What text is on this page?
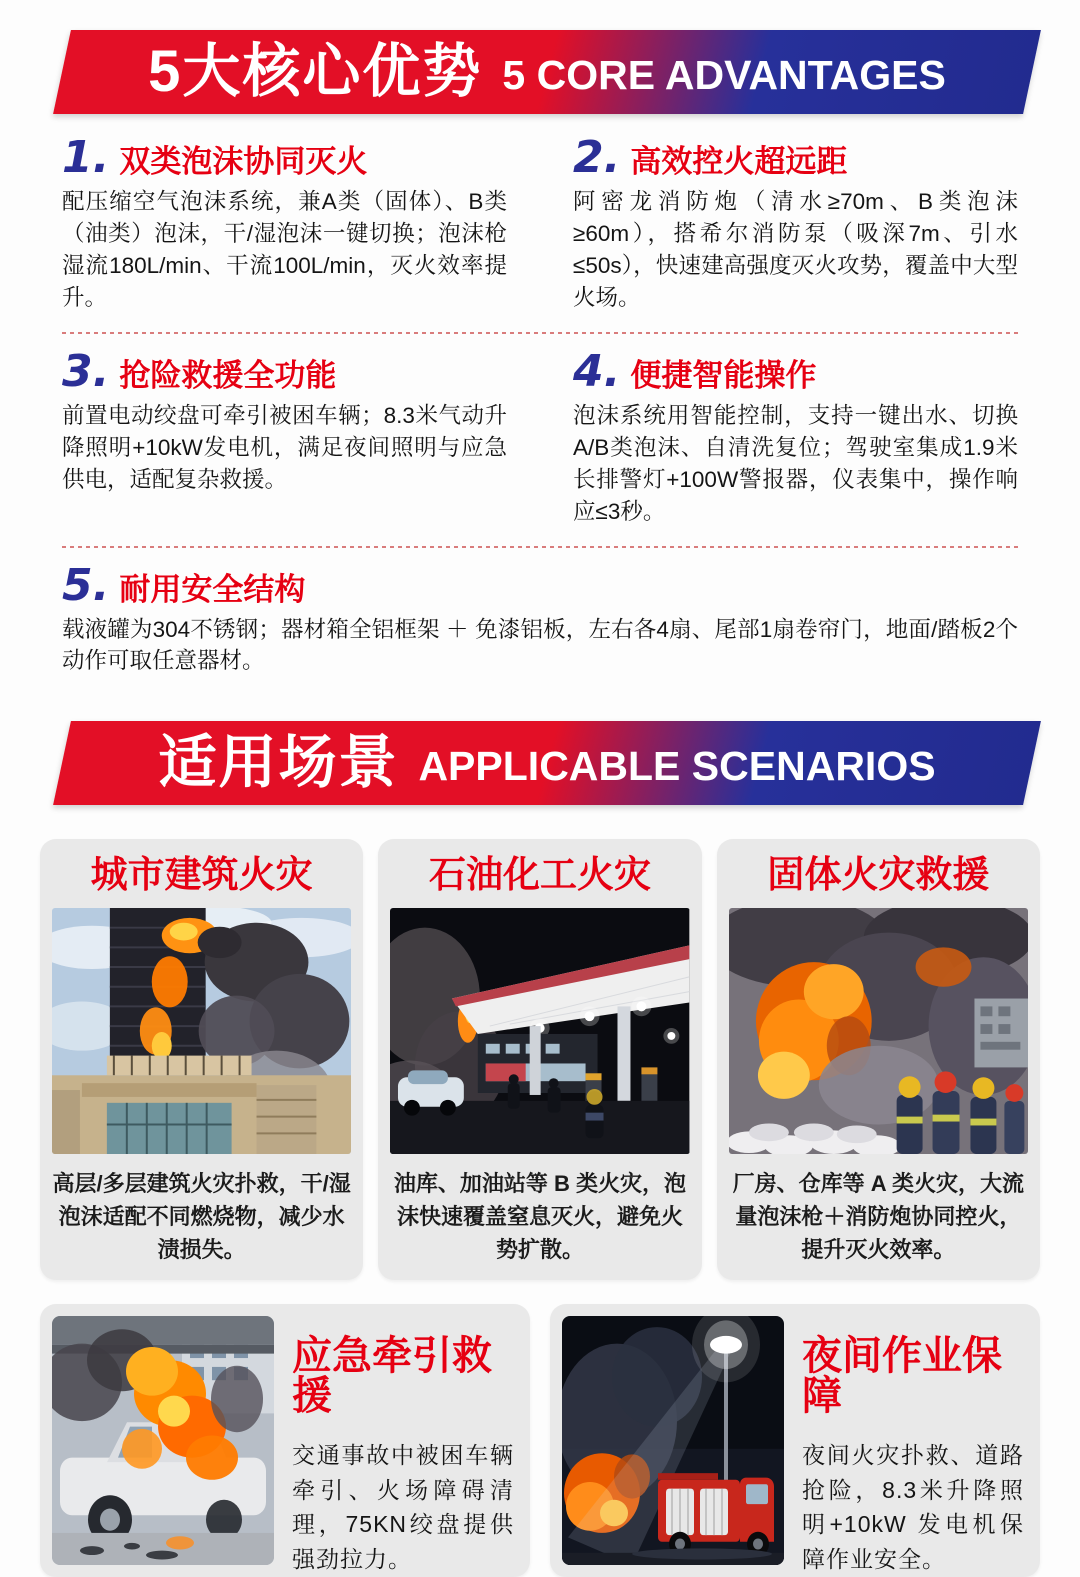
5大核心优势 5 CORE ADVANTAGES
1. 双类泡沫协同灭火

配压缩空气泡沫系统，兼A类（固体）、B类（油类）泡沫，干/湿泡沫一键切换；泡沫枪湿流180L/min、干流100L/min，灭火效率提升。

2. 高效控火超远距

阿密龙消防炮（清水≥70m、B类泡沫≥60m），搭希尔消防泵（吸深7m、引水≤50s），快速建高强度灭火攻势，覆盖中大型火场。

3. 抢险救援全功能

前置电动绞盘可牵引被困车辆；8.3米气动升降照明+10kW发电机，满足夜间照明与应急供电，适配复杂救援。

4. 便捷智能操作

泡沫系统用智能控制，支持一键出水、切换A/B类泡沫、自清洗复位；驾驶室集成1.9米长排警灯+100W警报器，仪表集中，操作响应≤3秒。

5. 耐用安全结构

载液罐为304不锈钢；器材箱全铝框架 ＋ 免漆铝板，左右各4扇、尾部1扇卷帘门，地面/踏板2个动作可取任意器材。

适用场景 APPLICABLE SCENARIOS
城市建筑火灾
高层/多层建筑火灾扑救，干/湿泡沫适配不同燃烧物，减少水渍损失。
石油化工火灾
油库、加油站等 B 类火灾，泡沫快速覆盖窒息灭火，避免火势扩散。
固体火灾救援
厂房、仓库等 A 类火灾，大流量泡沫枪＋消防炮协同控火，提升灭火效率。
应急牵引救援

交通事故中被困车辆牵引、火场障碍清理，75KN绞盘提供强劲拉力。

夜间作业保障

夜间火灾扑救、道路抢险，8.3米升降照明+10kW 发电机保障作业安全。
